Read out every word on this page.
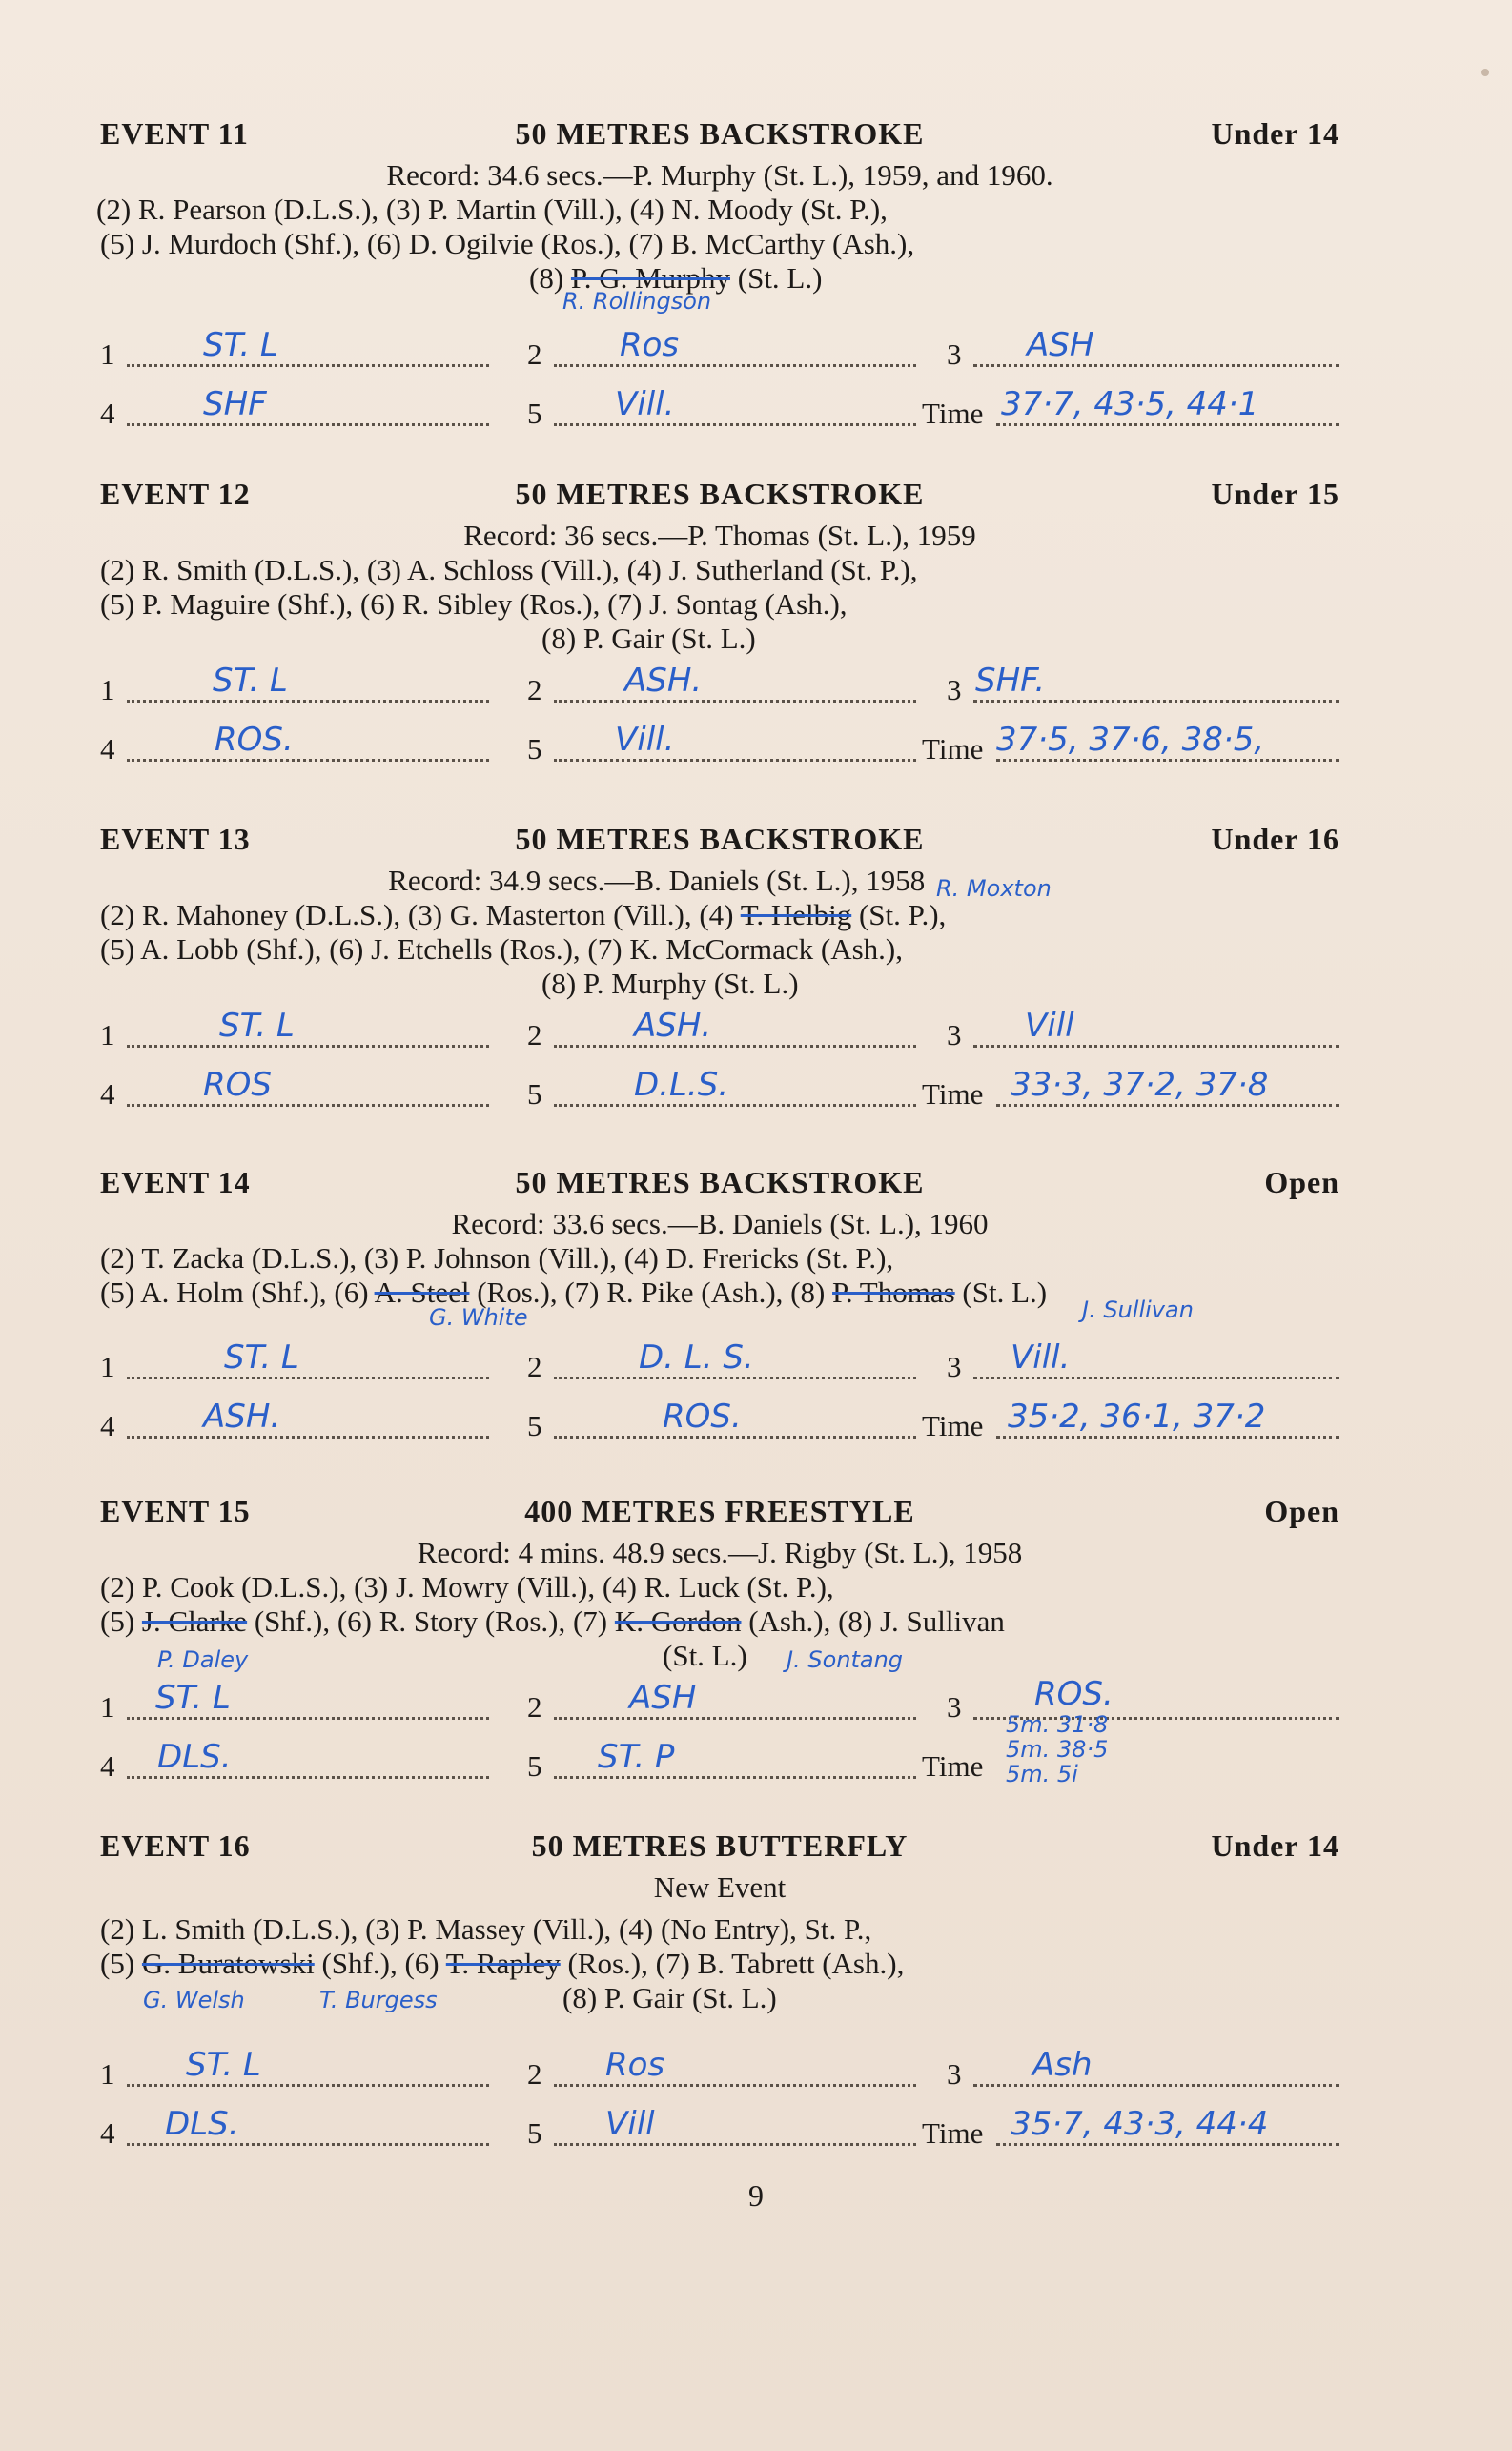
EVENT 11	50 METRES BACKSTROKE	Under 14
Record: 34.6 secs.—P. Murphy (St. L.), 1959, and 1960.
(2) R. Pearson (D.L.S.), (3) P. Martin (Vill.), (4) N. Moody (St. P.),
(5) J. Murdoch (Shf.), (6) D. Ogilvie (Ros.), (7) B. McCarthy (Ash.),
(8) P. G. Murphy (St. L.)
R. Rollingson
1	ST. L	2 Ros	3 ASH
4	SHF	5 Vill.	Time 37·7, 43·5, 44·1
EVENT 12	50 METRES BACKSTROKE	Under 15
Record: 36 secs.—P. Thomas (St. L.), 1959
(2) R. Smith (D.L.S.), (3) A. Schloss (Vill.), (4) J. Sutherland (St. P.),
(5) P. Maguire (Shf.), (6) R. Sibley (Ros.), (7) J. Sontag (Ash.),
(8) P. Gair (St. L.)
1	ST. L	2	ASH.	3 SHF.
4	ROS.	5 Vill.	Time 37·5, 37·6, 38·5,
EVENT 13	50 METRES BACKSTROKE	Under 16
Record: 34.9 secs.—B. Daniels (St. L.), 1958 R. Moxton
(2) R. Mahoney (D.L.S.), (3) G. Masterton (Vill.), (4) T. Helbig (St. P.),
(5) A. Lobb (Shf.), (6) J. Etchells (Ros.), (7) K. McCormack (Ash.),
(8) P. Murphy (St. L.)
1	ST. L	2	ASH.	3 Vill
4	ROS	5	D.L.S.	Time 33·3, 37·2, 37·8
EVENT 14	50 METRES BACKSTROKE	Open
Record: 33.6 secs.—B. Daniels (St. L.), 1960
(2) T. Zacka (D.L.S.), (3) P. Johnson (Vill.), (4) D. Frericks (St. P.),
(5) A. Holm (Shf.), (6) A. Steel (Ros.), (7) R. Pike (Ash.), (8) P. Thomas (St. L.)
G. White	J. Sullivan
1	ST. L	2	D. L. S.	3 Vill.
4	ASH.	5	ROS.	Time 35·2, 36·1, 37·2
EVENT 15	400 METRES FREESTYLE	Open
Record: 4 mins. 48.9 secs.—J. Rigby (St. L.), 1958
(2) P. Cook (D.L.S.), (3) J. Mowry (Vill.), (4) R. Luck (St. P.),
(5) J. Clarke (Shf.), (6) R. Story (Ros.), (7) K. Gordon (Ash.), (8) J. Sullivan
P. Daley	(St. L.) J. Sontang
1 ST. L	2	ASH	3 ROS.
4 DLS.	5 ST. P	Time
5m. 31·8
5m. 38·5
5m. 5i
EVENT 16	50 METRES BUTTERFLY	Under 14
New Event
(2) L. Smith (D.L.S.), (3) P. Massey (Vill.), (4) (No Entry), St. P.,
(5) G. Buratowski (Shf.), (6) T. Rapley (Ros.), (7) B. Tabrett (Ash.),
G. Welsh	T. Burgess	(8) P. Gair (St. L.)
1 ST. L	2 Ros	3 Ash
4 DLS.	5 Vill	Time 35·7, 43·3, 44·4
9
